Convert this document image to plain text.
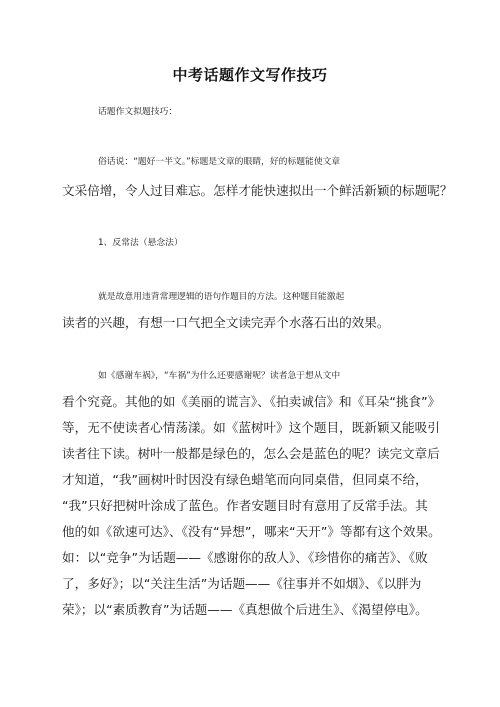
中考话题作文写作技巧
话题作文拟题技巧：
俗话说：“题好一半文。”标题是文章的眼睛，好的标题能使文章
文采倍增，令人过目难忘。怎样才能快速拟出一个鲜活新颖的标题呢？
1、反常法（悬念法）
就是故意用违背常理逻辑的语句作题目的方法。这种题目能激起
读者的兴趣，有想一口气把全文读完弄个水落石出的效果。
如《感谢车祸》，“车祸”为什么还要感谢呢？读者急于想从文中
看个究竟。其他的如《美丽的谎言》、《拍卖诚信》和《耳朵“挑食”》
等，无不使读者心情荡漾。如《蓝树叶》这个题目，既新颖又能吸引
读者往下读。树叶一般都是绿色的，怎么会是蓝色的呢？读完文章后
才知道，“我”画树叶时因没有绿色蜡笔而向同桌借，但同桌不给，
“我”只好把树叶涂成了蓝色。作者安题目时有意用了反常手法。其
他的如《欲速可达》、《没有“异想”，哪来“天开”》等都有这个效果。
如：以“竞争”为话题——《感谢你的敌人》、《珍惜你的痛苦》、《败
了，多好》；以“关注生活”为话题——《往事并不如烟》、《以胖为
荣》；以“素质教育”为话题——《真想做个后进生》、《渴望停电》。
